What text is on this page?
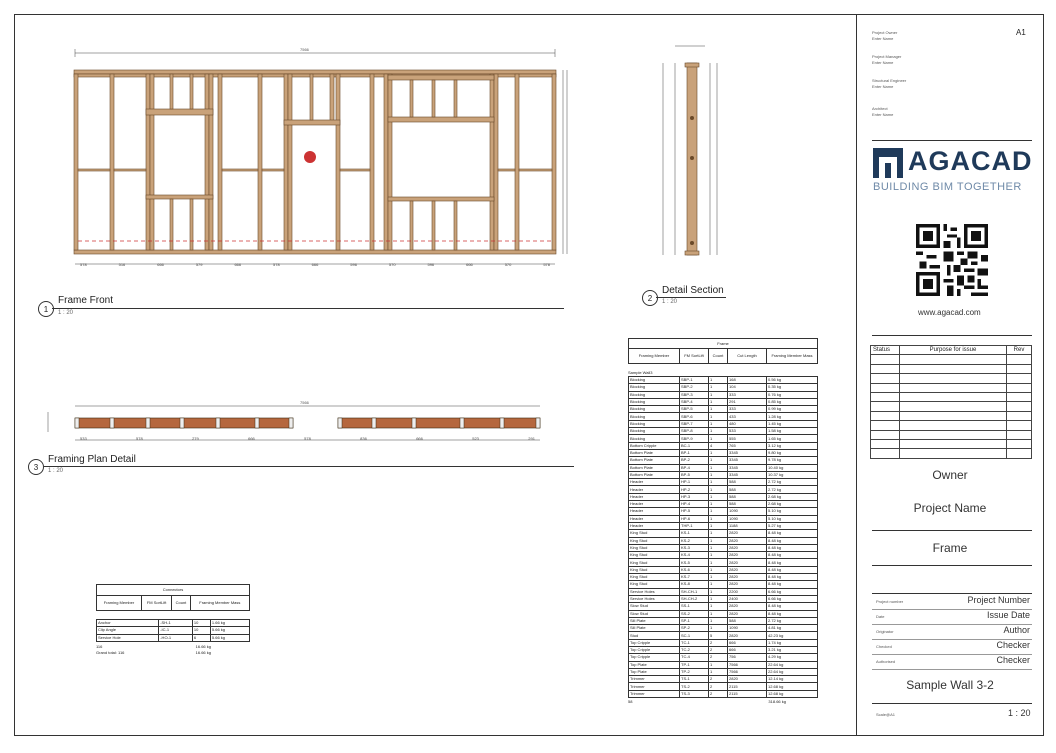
7566
578	516	666	579	666	578	666	596	570	596	666	570	578
1
Frame Front
1 : 20
2
Detail Section
1 : 20
7566
533	578	279	666	578	836	666	523	291
3
Framing Plan Detail
1 : 20
Connectors
Framing Member	FM SortLift	Count	Framing Member Mass
Anchor	-SH-1	10	1.66 kg
Clip Angle	-IC-1	10	5.66 kg
Service Hole	-HO-1	6	5.66 kg
116	16.66 kg
Grand total: 116	16.66 kg
Frame
Framing Member	FM SortLift	Count	Cut Length	Framing Member Mass
Sample Wall3
Blocking	SBP-1	1	168	0.56 kg
Blocking	SBP-2	1	104	0.35 kg
Blocking	SBP-3	1	333	0.76 kg
Blocking	SBP-4	1	291	0.85 kg
Blocking	SBP-5	1	333	0.99 kg
Blocking	SBP-6	1	433	1.28 kg
Blocking	SBP-7	1	480	1.45 kg
Blocking	SBP-8	1	533	1.58 kg
Blocking	SBP-9	1	555	1.65 kg
Bottom Cripple	BC-1	4	765	3.12 kg
Bottom Plate	BP-1	1	3345	9.80 kg
Bottom Plate	BP-2	1	3345	9.78 kg
Bottom Plate	BP-4	1	3345	10.40 kg
Bottom Plate	BP-5	1	3345	10.37 kg
Header	HP-1	1	588	2.72 kg
Header	HP-2	1	588	2.72 kg
Header	HP-3	1	588	2.68 kg
Header	HP-4	1	588	2.68 kg
Header	HP-5	1	1090	5.10 kg
Header	HP-6	1	1090	5.10 kg
Header	THP-1	1	1188	5.27 kg
King Stud	KS-1	1	2820	8.48 kg
King Stud	KS-2	1	2820	8.48 kg
King Stud	KS-3	1	2820	8.48 kg
King Stud	KS-4	1	2820	8.48 kg
King Stud	KS-5	1	2820	8.48 kg
King Stud	KS-6	1	2820	8.48 kg
King Stud	KS-7	1	2820	8.48 kg
King Stud	KS-8	1	2820	8.48 kg
Service Holes	SH-CH-1	1	2200	6.66 kg
Service Holes	SH-CH-2	1	2400	6.66 kg
Slow Stud	SS-1	1	2820	8.48 kg
Slow Stud	SS-2	1	2820	8.48 kg
Sill Plate	SP-1	1	588	2.72 kg
Sill Plate	SP-2	1	1090	4.81 kg
Stud	SC-1	5	2820	42.23 kg
Top Cripple	TC-1	2	666	1.74 kg
Top Cripple	TC-2	2	666	3.21 kg
Top Cripple	TC-4	2	756	4.29 kg
Top Plate	TP-1	1	7566	22.64 kg
Top Plate	TP-2	1	7566	22.64 kg
Trimmer	TS-1	2	2820	12.14 kg
Trimmer	TS-2	2	2115	12.68 kg
Trimmer	TS-3	2	2115	12.68 kg
58	318.66 kg
A1
Project Owner
Enter Name
Project Manager
Enter Name
Structural Engineer
Enter Name
Architect
Enter Name
AGACAD
BUILDING BIM TOGETHER
www.agacad.com
Status	Purpose for issue	Rev

Owner
Project Name
Frame
Project number	Project Number
Date	Issue Date
Originator	Author
Checked	Checker
Authorised	Checker
Sample Wall 3-2
Scale@A1	1 : 20
